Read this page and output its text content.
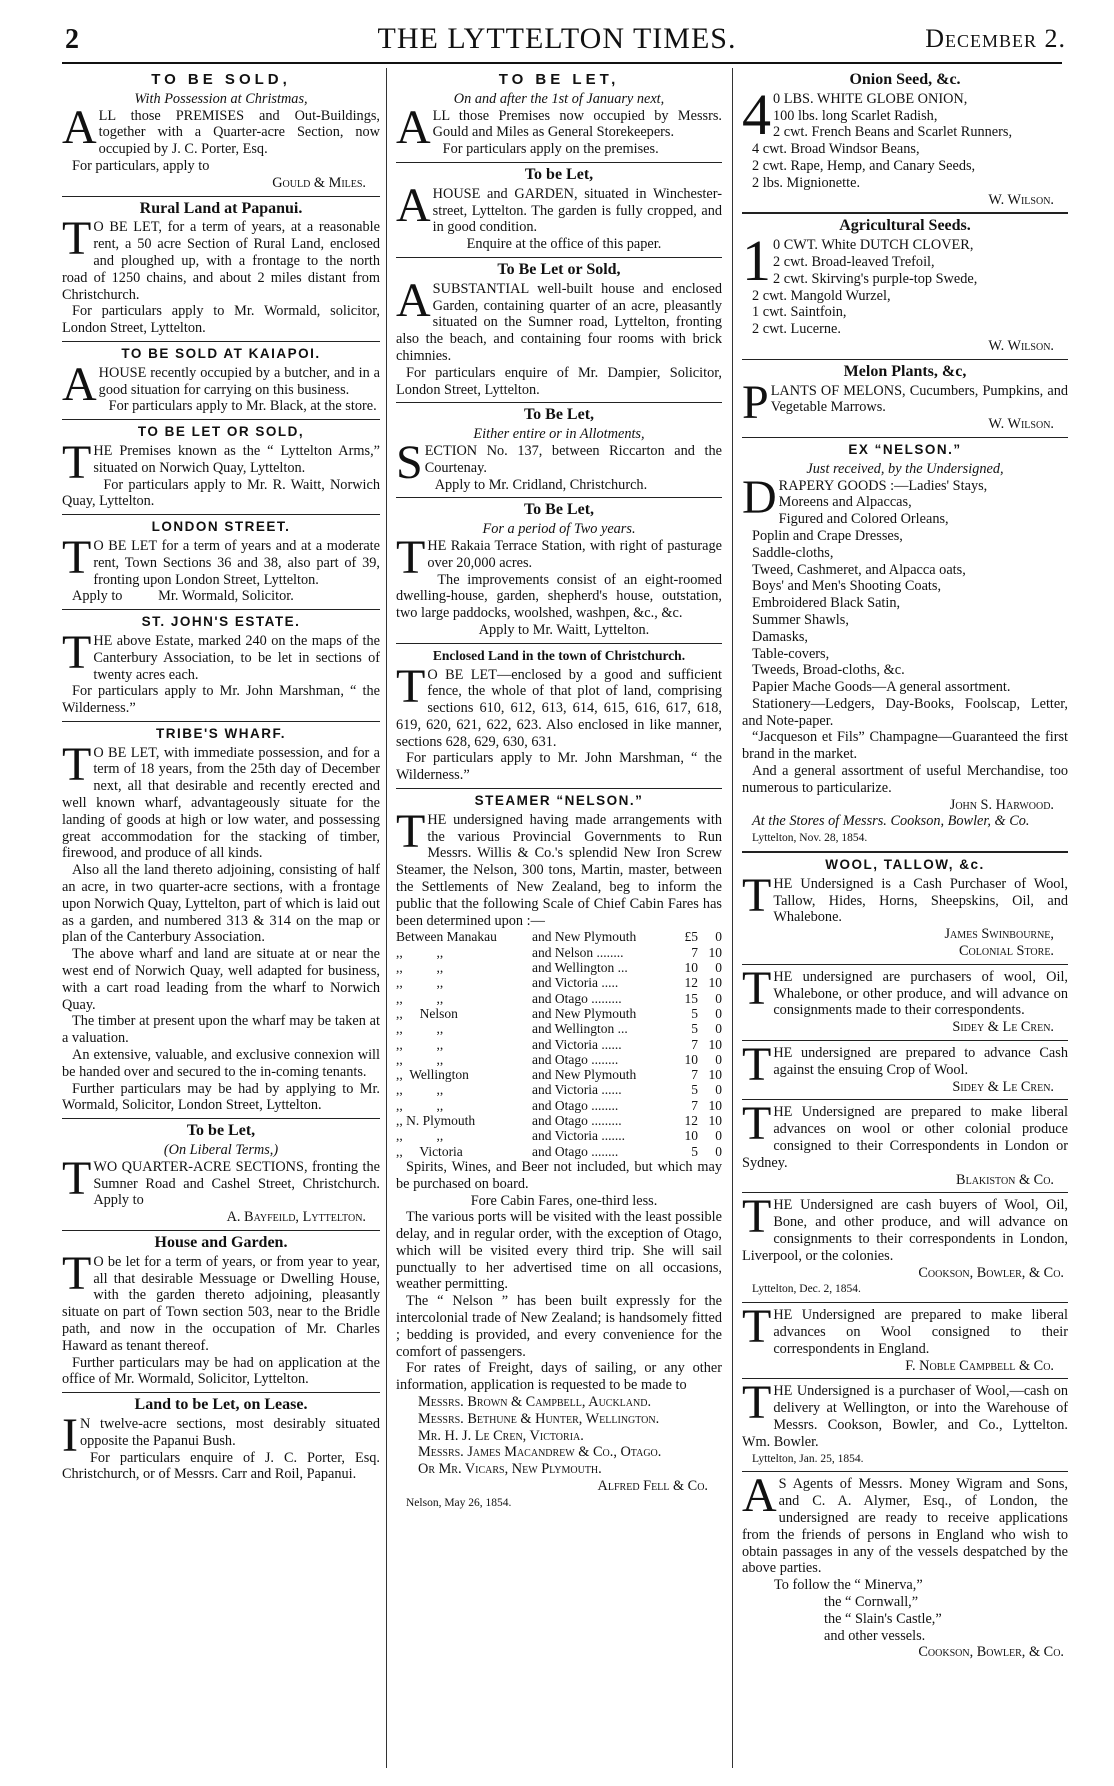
2	THE LYTTELTON TIMES.	December 2.
TO BE SOLD,
With Possession at Christmas,

ALL those PREMISES and Out-Buildings, together with a Quarter-acre Section, now occupied by J. C. Porter, Esq.

For particulars, apply to

Gould & Miles.
Rural Land at Papanui.

TO BE LET, for a term of years, at a reasonable rent, a 50 acre Section of Rural Land, enclosed and ploughed up, with a frontage to the north road of 1250 chains, and about 2 miles distant from Christchurch.

For particulars apply to Mr. Wormald, solicitor, London Street, Lyttelton.

TO BE SOLD AT KAIAPOI.

AHOUSE recently occupied by a butcher, and in a good situation for carrying on this business.

For particulars apply to Mr. Black, at the store.

TO BE LET OR SOLD,

THE Premises known as the “ Lyttelton Arms,” situated on Norwich Quay, Lyttelton.

For particulars apply to Mr. R. Waitt, Norwich Quay, Lyttelton.

LONDON STREET.

TO BE LET for a term of years and at a moderate rent, Town Sections 36 and 38, also part of 39, fronting upon London Street, Lyttelton.

Apply to          Mr. Wormald, Solicitor.

ST. JOHN'S ESTATE.

THE above Estate, marked 240 on the maps of the Canterbury Association, to be let in sections of twenty acres each.

For particulars apply to Mr. John Marshman, “ the Wilderness.”

TRIBE'S WHARF.

TO BE LET, with immediate possession, and for a term of 18 years, from the 25th day of December next, all that desirable and recently erected and well known wharf, advantageously situate for the landing of goods at high or low water, and possessing great accommodation for the stacking of timber, firewood, and produce of all kinds.

Also all the land thereto adjoining, consisting of half an acre, in two quarter-acre sections, with a frontage upon Norwich Quay, Lyttelton, part of which is laid out as a garden, and numbered 313 & 314 on the map or plan of the Canterbury Association.

The above wharf and land are situate at or near the west end of Norwich Quay, well adapted for business, with a cart road leading from the wharf to Norwich Quay.

The timber at present upon the wharf may be taken at a valuation.

An extensive, valuable, and exclusive connexion will be handed over and secured to the in-coming tenants.

Further particulars may be had by applying to Mr. Wormald, Solicitor, London Street, Lyttelton.

To be Let,
(On Liberal Terms,)

TWO QUARTER-ACRE SECTIONS, fronting the Sumner Road and Cashel Street, Christchurch. Apply to

A. Bayfeild, Lyttelton.
House and Garden.

TO be let for a term of years, or from year to year, all that desirable Messuage or Dwelling House, with the garden thereto adjoining, pleasantly situate on part of Town section 503, near to the Bridle path, and now in the occupation of Mr. Charles Haward as tenant thereof.

Further particulars may be had on application at the office of Mr. Wormald, Solicitor, Lyttelton.

Land to be Let, on Lease.

IN twelve-acre sections, most desirably situated opposite the Papanui Bush.

For particulars enquire of J. C. Porter, Esq. Christchurch, or of Messrs. Carr and Roil, Papanui.

TO BE LET,
On and after the 1st of January next,

ALL those Premises now occupied by Messrs. Gould and Miles as General Storekeepers.

For particulars apply on the premises.

To be Let,

AHOUSE and GARDEN, situated in Winchester-street, Lyttelton. The garden is fully cropped, and in good condition.

Enquire at the office of this paper.

To Be Let or Sold,

ASUBSTANTIAL well-built house and enclosed Garden, containing quarter of an acre, pleasantly situated on the Sumner road, Lyttelton, fronting also the beach, and containing four rooms with brick chimnies.

For particulars enquire of Mr. Dampier, Solicitor, London Street, Lyttelton.

To Be Let,
Either entire or in Allotments,

SECTION No. 137, between Riccarton and the Courtenay.

Apply to Mr. Cridland, Christchurch.

To Be Let,
For a period of Two years.

THE Rakaia Terrace Station, with right of pasturage over 20,000 acres.

The improvements consist of an eight-roomed dwelling-house, garden, shepherd's house, outstation, two large paddocks, woolshed, washpen, &c., &c.

Apply to Mr. Waitt, Lyttelton.

Enclosed Land in the town of Christchurch.

TO BE LET—enclosed by a good and sufficient fence, the whole of that plot of land, comprising sections 610, 612, 613, 614, 615, 616, 617, 618, 619, 620, 621, 622, 623. Also enclosed in like manner, sections 628, 629, 630, 631.

For particulars apply to Mr. John Marshman, “ the Wilderness.”

STEAMER “NELSON.”

THE undersigned having made arrangements with the various Provincial Governments to Run Messrs. Willis & Co.'s splendid New Iron Screw Steamer, the Nelson, 300 tons, Martin, master, between the Settlements of New Zealand, beg to inform the public that the following Scale of Chief Cabin Fares has been determined upon :—

Between Manakau	and New Plymouth	£5	0
,,          ,,	and Nelson ........	7	10
,,          ,,	and Wellington ...	10	0
,,          ,,	and Victoria .....	12	10
,,          ,,	and Otago .........	15	0
,,     Nelson	and New Plymouth	5	0
,,          ,,	and Wellington ...	5	0
,,          ,,	and Victoria ......	7	10
,,          ,,	and Otago ........	10	0
,,  Wellington	and New Plymouth	7	10
,,          ,,	and Victoria ......	5	0
,,          ,,	and Otago ........	7	10
,, N. Plymouth	and Otago .........	12	10
,,          ,,	and Victoria .......	10	0
,,     Victoria	and Otago ........	5	0

Spirits, Wines, and Beer not included, but which may be purchased on board.

Fore Cabin Fares, one-third less.

The various ports will be visited with the least possible delay, and in regular order, with the exception of Otago, which will be visited every third trip. She will sail punctually to her advertised time on all occasions, weather permitting.

The “ Nelson ” has been built expressly for the intercolonial trade of New Zealand; is handsomely fitted ; bedding is provided, and every convenience for the comfort of passengers.

For rates of Freight, days of sailing, or any other information, application is requested to be made to

Messrs. Brown & Campbell, Auckland.
Messrs. Bethune & Hunter, Wellington.
Mr. H. J. Le Cren, Victoria.
Messrs. James Macandrew & Co., Otago.
Or Mr. Vicars, New Plymouth.
Alfred Fell & Co.
Nelson, May 26, 1854.
Onion Seed, &c.

40 LBS. WHITE GLOBE ONION,

100 lbs. long Scarlet Radish,
2 cwt. French Beans and Scarlet Runners,
4 cwt. Broad Windsor Beans,
2 cwt. Rape, Hemp, and Canary Seeds,
2 lbs. Mignionette.
W. Wilson.
Agricultural Seeds.

10 CWT. White DUTCH CLOVER,

2 cwt. Broad-leaved Trefoil,
2 cwt. Skirving's purple-top Swede,
2 cwt. Mangold Wurzel,
1 cwt. Saintfoin,
2 cwt. Lucerne.
W. Wilson.
Melon Plants, &c,

PLANTS OF MELONS, Cucumbers, Pumpkins, and Vegetable Marrows.

W. Wilson.
EX “NELSON.”
Just received, by the Undersigned,

DRAPERY GOODS :—Ladies' Stays,

Moreens and Alpaccas,
Figured and Colored Orleans,
Poplin and Crape Dresses,
Saddle-cloths,
Tweed, Cashmeret, and Alpacca oats,
Boys' and Men's Shooting Coats,
Embroidered Black Satin,
Summer Shawls,
Damasks,
Table-covers,
Tweeds, Broad-cloths, &c.

Papier Mache Goods—A general assortment.

Stationery—Ledgers, Day-Books, Foolscap, Letter, and Note-paper.

“Jacqueson et Fils” Champagne—Guaranteed the first brand in the market.

And a general assortment of useful Merchandise, too numerous to particularize.

John S. Harwood.

At the Stores of Messrs. Cookson, Bowler, & Co.

Lyttelton, Nov. 28, 1854.
WOOL, TALLOW, &c.

THE Undersigned is a Cash Purchaser of Wool, Tallow, Hides, Horns, Sheepskins, Oil, and Whalebone.

James Swinbourne,
Colonial Store.

THE undersigned are purchasers of wool, Oil, Whalebone, or other produce, and will advance on consignments made to their correspondents.

Sidey & Le Cren.

THE undersigned are prepared to advance Cash against the ensuing Crop of Wool.

Sidey & Le Cren.

THE Undersigned are prepared to make liberal advances on wool or other colonial produce consigned to their Correspondents in London or Sydney.

Blakiston & Co.

THE Undersigned are cash buyers of Wool, Oil, Bone, and other produce, and will advance on consignments to their correspondents in London, Liverpool, or the colonies.

Cookson, Bowler, & Co.
Lyttelton, Dec. 2, 1854.

THE Undersigned are prepared to make liberal advances on Wool consigned to their correspondents in England.

F. Noble Campbell & Co.

THE Undersigned is a purchaser of Wool,—cash on delivery at Wellington, or into the Warehouse of Messrs. Cookson, Bowler, and Co., Lyttelton.     Wm. Bowler.

Lyttelton, Jan. 25, 1854.

AS Agents of Messrs. Money Wigram and Sons, and C. A. Alymer, Esq., of London, the undersigned are ready to receive applications from the friends of persons in England who wish to obtain passages in any of the vessels despatched by the above parties.

To follow the “ Minerva,”

the “ Cornwall,”
the “ Slain's Castle,”
and other vessels.
Cookson, Bowler, & Co.
